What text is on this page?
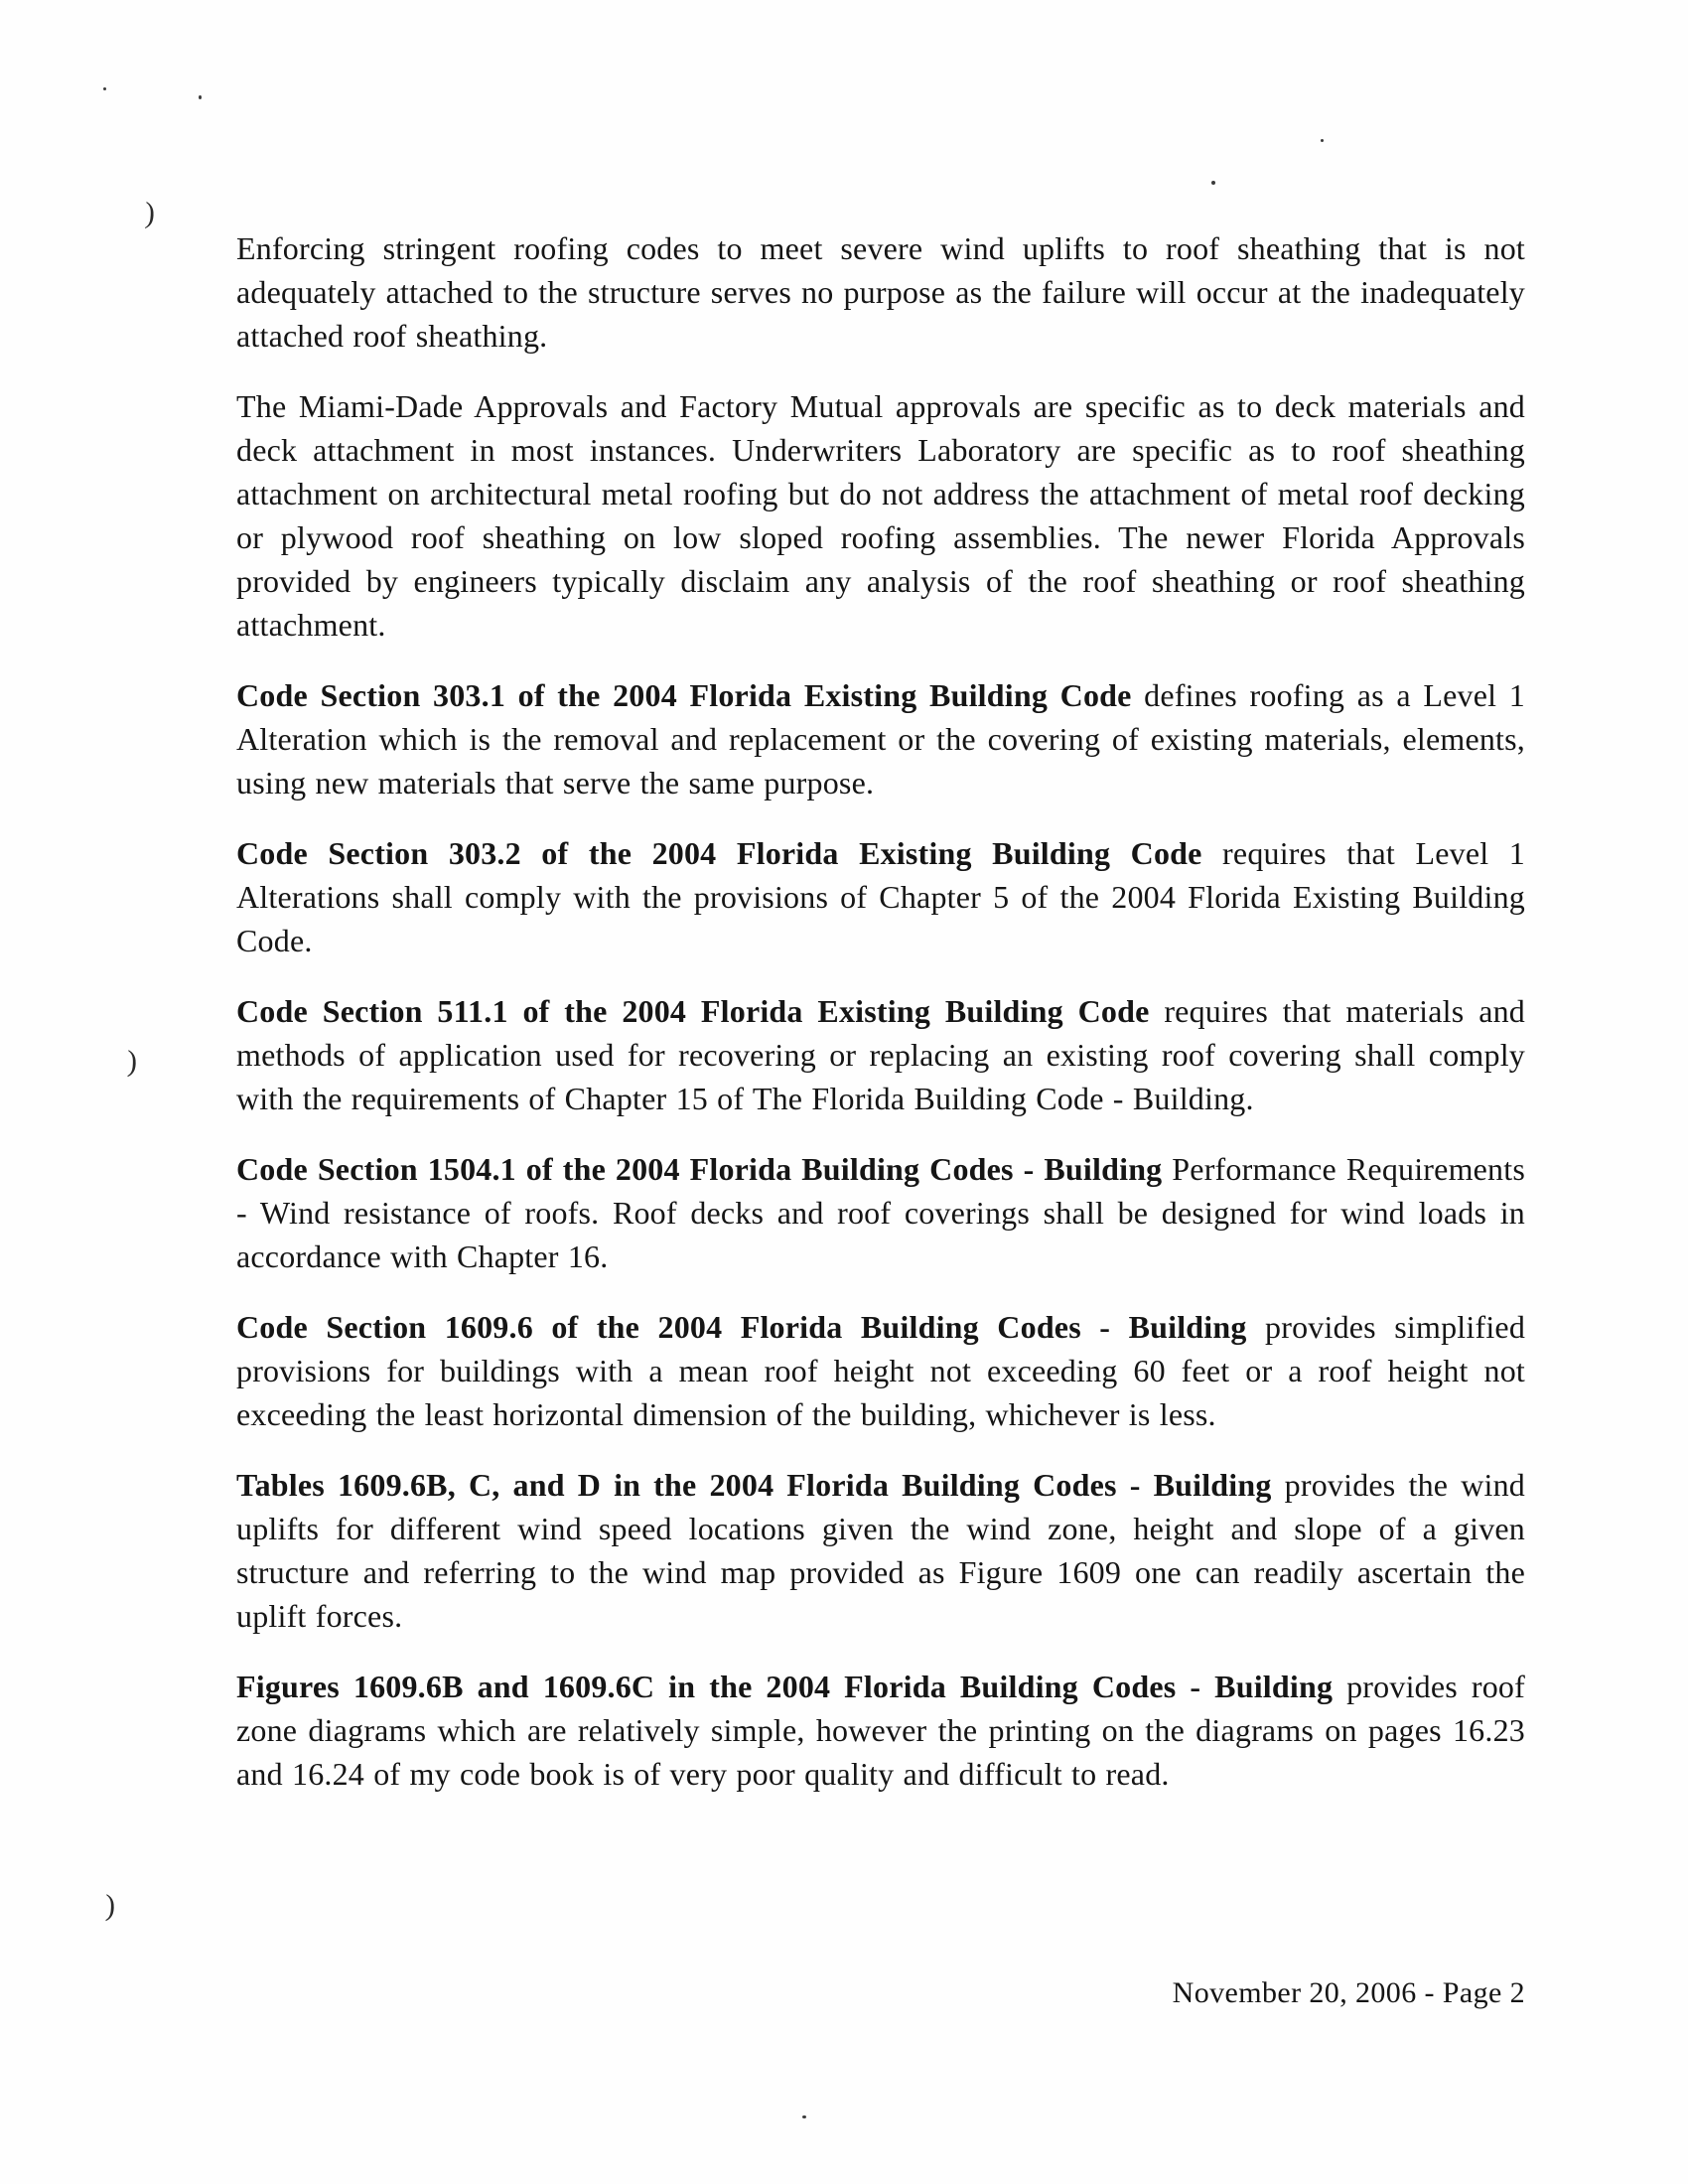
)
)
)

Enforcing stringent roofing codes to meet severe wind uplifts to roof sheathing that is not adequately attached to the structure serves no purpose as the failure will occur at the inadequately attached roof sheathing.

The Miami-Dade Approvals and Factory Mutual approvals are specific as to deck materials and deck attachment in most instances. Underwriters Laboratory are specific as to roof sheathing attachment on architectural metal roofing but do not address the attachment of metal roof decking or plywood roof sheathing on low sloped roofing assemblies. The newer Florida Approvals provided by engineers typically disclaim any analysis of the roof sheathing or roof sheathing attachment.

Code Section 303.1 of the 2004 Florida Existing Building Code defines roofing as a Level 1 Alteration which is the removal and replacement or the covering of existing materials, elements, using new materials that serve the same purpose.

Code Section 303.2 of the 2004 Florida Existing Building Code requires that Level 1 Alterations shall comply with the provisions of Chapter 5 of the 2004 Florida Existing Building Code.

Code Section 511.1 of the 2004 Florida Existing Building Code requires that materials and methods of application used for recovering or replacing an existing roof covering shall comply with the requirements of Chapter 15 of The Florida Building Code - Building.

Code Section 1504.1 of the 2004 Florida Building Codes - Building Performance Requirements - Wind resistance of roofs. Roof decks and roof coverings shall be designed for wind loads in accordance with Chapter 16.

Code Section 1609.6 of the 2004 Florida Building Codes - Building provides simplified provisions for buildings with a mean roof height not exceeding 60 feet or a roof height not exceeding the least horizontal dimension of the building, whichever is less.

Tables 1609.6B, C, and D in the 2004 Florida Building Codes - Building provides the wind uplifts for different wind speed locations given the wind zone, height and slope of a given structure and referring to the wind map provided as Figure 1609 one can readily ascertain the uplift forces.

Figures 1609.6B and 1609.6C in the 2004 Florida Building Codes - Building provides roof zone diagrams which are relatively simple, however the printing on the diagrams on pages 16.23 and 16.24 of my code book is of very poor quality and difficult to read.

November 20, 2006 - Page 2
